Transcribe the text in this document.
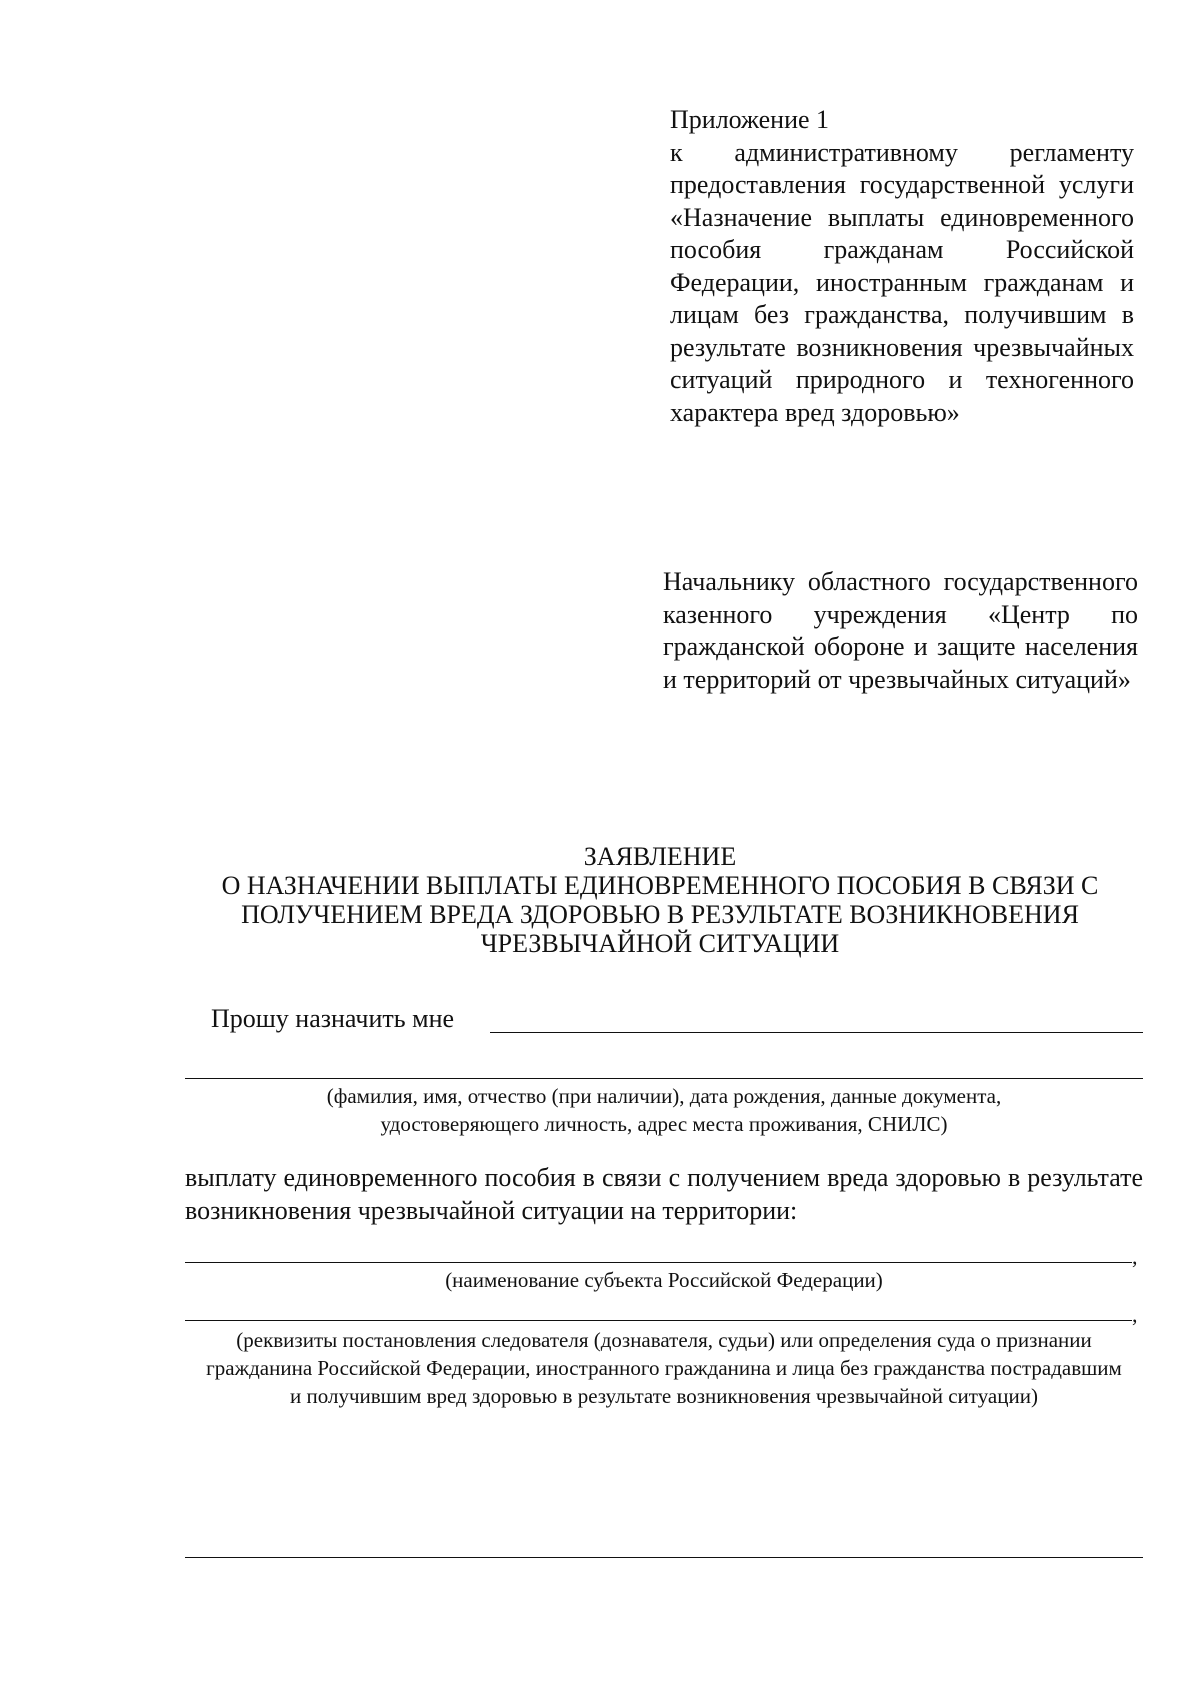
Приложение 1
к административному регламенту предоставления государственной услуги «Назначение выплаты единовременного пособия гражданам Российской Федерации, иностранным гражданам и лицам без гражданства, получившим в результате возникновения чрезвычайных ситуаций природного и техногенного характера вред здоровью»
Начальнику областного государственного казенного учреждения «Центр по гражданской обороне и защите населения и территорий от чрезвычайных ситуаций»
ЗАЯВЛЕНИЕ
О НАЗНАЧЕНИИ ВЫПЛАТЫ ЕДИНОВРЕМЕННОГО ПОСОБИЯ В СВЯЗИ С ПОЛУЧЕНИЕМ ВРЕДА ЗДОРОВЬЮ В РЕЗУЛЬТАТЕ ВОЗНИКНОВЕНИЯ ЧРЕЗВЫЧАЙНОЙ СИТУАЦИИ
Прошу назначить мне
(фамилия, имя, отчество (при наличии), дата рождения, данные документа,
удостоверяющего личность, адрес места проживания, СНИЛС)
выплату единовременного пособия в связи с получением вреда здоровью в результате возникновения чрезвычайной ситуации на территории:
,
(наименование субъекта Российской Федерации)
,
(реквизиты постановления следователя (дознавателя, судьи) или определения суда о признании гражданина Российской Федерации, иностранного гражданина и лица без гражданства пострадавшим и получившим вред здоровью в результате возникновения чрезвычайной ситуации)
